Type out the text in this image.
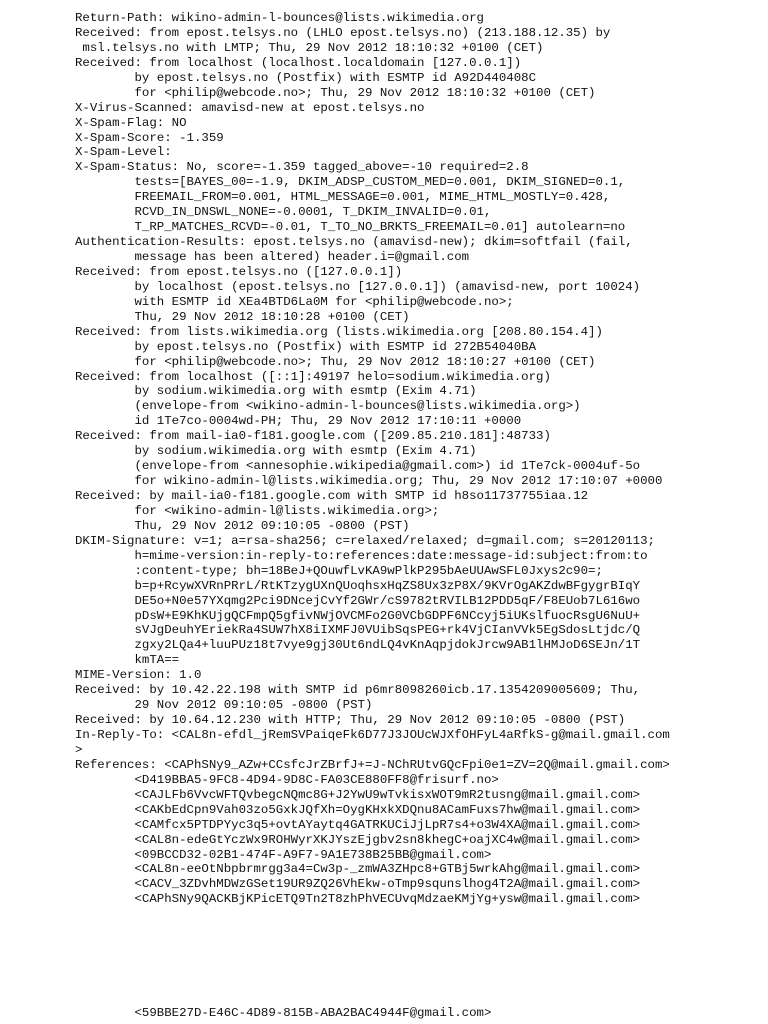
Return-Path: wikino-admin-l-bounces@lists.wikimedia.org
Received: from epost.telsys.no (LHLO epost.telsys.no) (213.188.12.35) by
msl.telsys.no with LMTP; Thu, 29 Nov 2012 18:10:32 +0100 (CET)
Received: from localhost (localhost.localdomain [127.0.0.1])
by epost.telsys.no (Postfix) with ESMTP id A92D440408C
for <philip@webcode.no>; Thu, 29 Nov 2012 18:10:32 +0100 (CET)
X-Virus-Scanned: amavisd-new at epost.telsys.no
X-Spam-Flag: NO
X-Spam-Score: -1.359
X-Spam-Level:
X-Spam-Status: No, score=-1.359 tagged_above=-10 required=2.8
tests=[BAYES_00=-1.9, DKIM_ADSP_CUSTOM_MED=0.001, DKIM_SIGNED=0.1,
FREEMAIL_FROM=0.001, HTML_MESSAGE=0.001, MIME_HTML_MOSTLY=0.428,
RCVD_IN_DNSWL_NONE=-0.0001, T_DKIM_INVALID=0.01,
T_RP_MATCHES_RCVD=-0.01, T_TO_NO_BRKTS_FREEMAIL=0.01] autolearn=no
Authentication-Results: epost.telsys.no (amavisd-new); dkim=softfail (fail,
message has been altered) header.i=@gmail.com
Received: from epost.telsys.no ([127.0.0.1])
by localhost (epost.telsys.no [127.0.0.1]) (amavisd-new, port 10024)
with ESMTP id XEa4BTD6La0M for <philip@webcode.no>;
Thu, 29 Nov 2012 18:10:28 +0100 (CET)
Received: from lists.wikimedia.org (lists.wikimedia.org [208.80.154.4])
by epost.telsys.no (Postfix) with ESMTP id 272B54040BA
for <philip@webcode.no>; Thu, 29 Nov 2012 18:10:27 +0100 (CET)
Received: from localhost ([::1]:49197 helo=sodium.wikimedia.org)
by sodium.wikimedia.org with esmtp (Exim 4.71)
(envelope-from <wikino-admin-l-bounces@lists.wikimedia.org>)
id 1Te7co-0004wd-PH; Thu, 29 Nov 2012 17:10:11 +0000
Received: from mail-ia0-f181.google.com ([209.85.210.181]:48733)
by sodium.wikimedia.org with esmtp (Exim 4.71)
(envelope-from <annesophie.wikipedia@gmail.com>) id 1Te7ck-0004uf-5o
for wikino-admin-l@lists.wikimedia.org; Thu, 29 Nov 2012 17:10:07 +0000
Received: by mail-ia0-f181.google.com with SMTP id h8so11737755iaa.12
for <wikino-admin-l@lists.wikimedia.org>;
Thu, 29 Nov 2012 09:10:05 -0800 (PST)
DKIM-Signature: v=1; a=rsa-sha256; c=relaxed/relaxed; d=gmail.com; s=20120113;
h=mime-version:in-reply-to:references:date:message-id:subject:from:to
:content-type; bh=18BeJ+QOuwfLvKA9wPlkP295bAeUUAwSFL0Jxys2c90=;
b=p+RcywXVRnPRrL/RtKTzygUXnQUoqhsxHqZS8Ux3zP8X/9KVrOgAKZdwBFgygrBIqY
DE5o+N0e57YXqmg2Pci9DNcejCvYf2GWr/cS9782tRVILB12PDD5qF/F8EUob7L616wo
pDsW+E9KhKUjgQCFmpQ5gfivNWjOVCMFo2G0VCbGDPF6NCcyj5iUKslfuocRsgU6NuU+
sVJgDeuhYEriekRa4SUW7hX8iIXMFJ0VUibSqsPEG+rk4VjCIanVVk5EgSdosLtjdc/Q
zgxy2LQa4+luuPUz18t7vye9gj30Ut6ndLQ4vKnAqpjdokJrcw9AB1lHMJoD6SEJn/1T
kmTA==
MIME-Version: 1.0
Received: by 10.42.22.198 with SMTP id p6mr8098260icb.17.1354209005609; Thu,
29 Nov 2012 09:10:05 -0800 (PST)
Received: by 10.64.12.230 with HTTP; Thu, 29 Nov 2012 09:10:05 -0800 (PST)
In-Reply-To: <CAL8n-efdl_jRemSVPaiqeFk6D77J3JOUcWJXfOHFyL4aRfkS-g@mail.gmail.com
>
References: <CAPhSNy9_AZw+CCsfcJrZBrfJ+=J-NChRUtvGQcFpi0e1=ZV=2Q@mail.gmail.com>
<D419BBA5-9FC8-4D94-9D8C-FA03CE880FF8@frisurf.no>
<CAJLFb6VvcWFTQvbegcNQmc8G+J2YwU9wTvkisxWOT9mR2tusng@mail.gmail.com>
<CAKbEdCpn9Vah03zo5GxkJQfXh=OygKHxkXDQnu8ACamFuxs7hw@mail.gmail.com>
<CAMfcx5PTDPYyc3q5+ovtAYaytq4GATRKUCiJjLpR7s4+o3W4XA@mail.gmail.com>
<CAL8n-edeGtYczWx9ROHWyrXKJYszEjgbv2sn8khegC+oajXC4w@mail.gmail.com>
<09BCCD32-02B1-474F-A9F7-9A1E738B25BB@gmail.com>
<CAL8n-eeOtNbpbrmrgg3a4=Cw3p-_zmWA3ZHpc8+GTBj5wrkAhg@mail.gmail.com>
<CACV_3ZDvhMDWzGSet19UR9ZQ26VhEkw-oTmp9squnslhog4T2A@mail.gmail.com>
<CAPhSNy9QACKBjKPicETQ9Tn2T8zhPhVECUvqMdzaeKMjYg+ysw@mail.gmail.com>
<59BBE27D-E46C-4D89-815B-ABA2BAC4944F@gmail.com>
